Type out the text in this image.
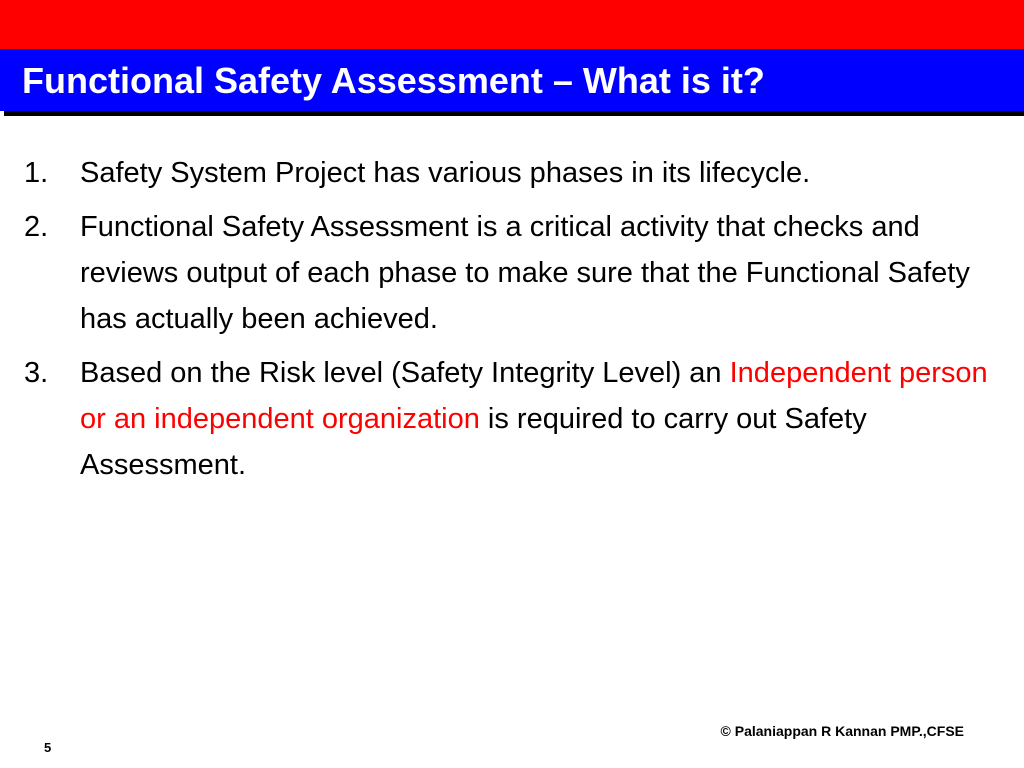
Functional Safety Assessment – What is it?
1.	Safety System Project has various phases in its lifecycle.
2.	Functional Safety Assessment is a critical activity that checks and reviews output of each phase to make sure that the Functional Safety has actually been achieved.
3.	Based on the Risk level (Safety Integrity Level) an Independent person or an independent organization is required to carry out Safety Assessment.
© Palaniappan R Kannan PMP.,CFSE
5
